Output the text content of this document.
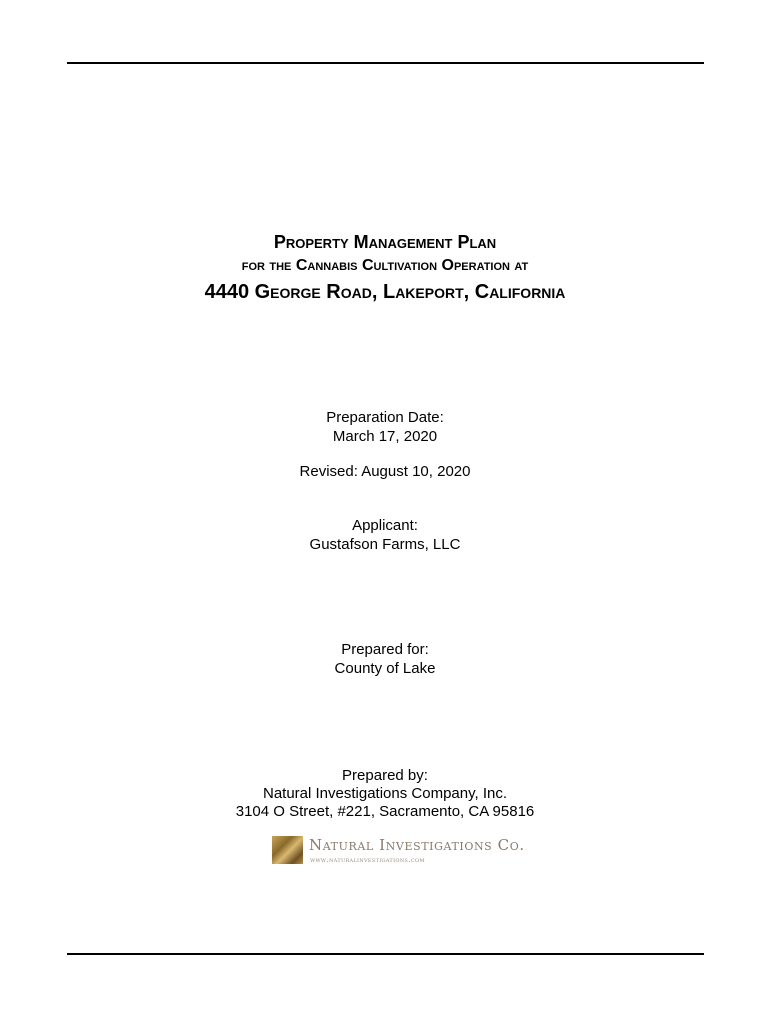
Property Management Plan
for the Cannabis Cultivation Operation at
4440 George Road, Lakeport, California
Preparation Date:
March 17, 2020
Revised: August 10, 2020
Applicant:
Gustafson Farms, LLC
Prepared for:
County of Lake
Prepared by:
Natural Investigations Company, Inc.
3104 O Street, #221, Sacramento, CA 95816
Natural Investigations Co.
www.naturalinvestigations.com
